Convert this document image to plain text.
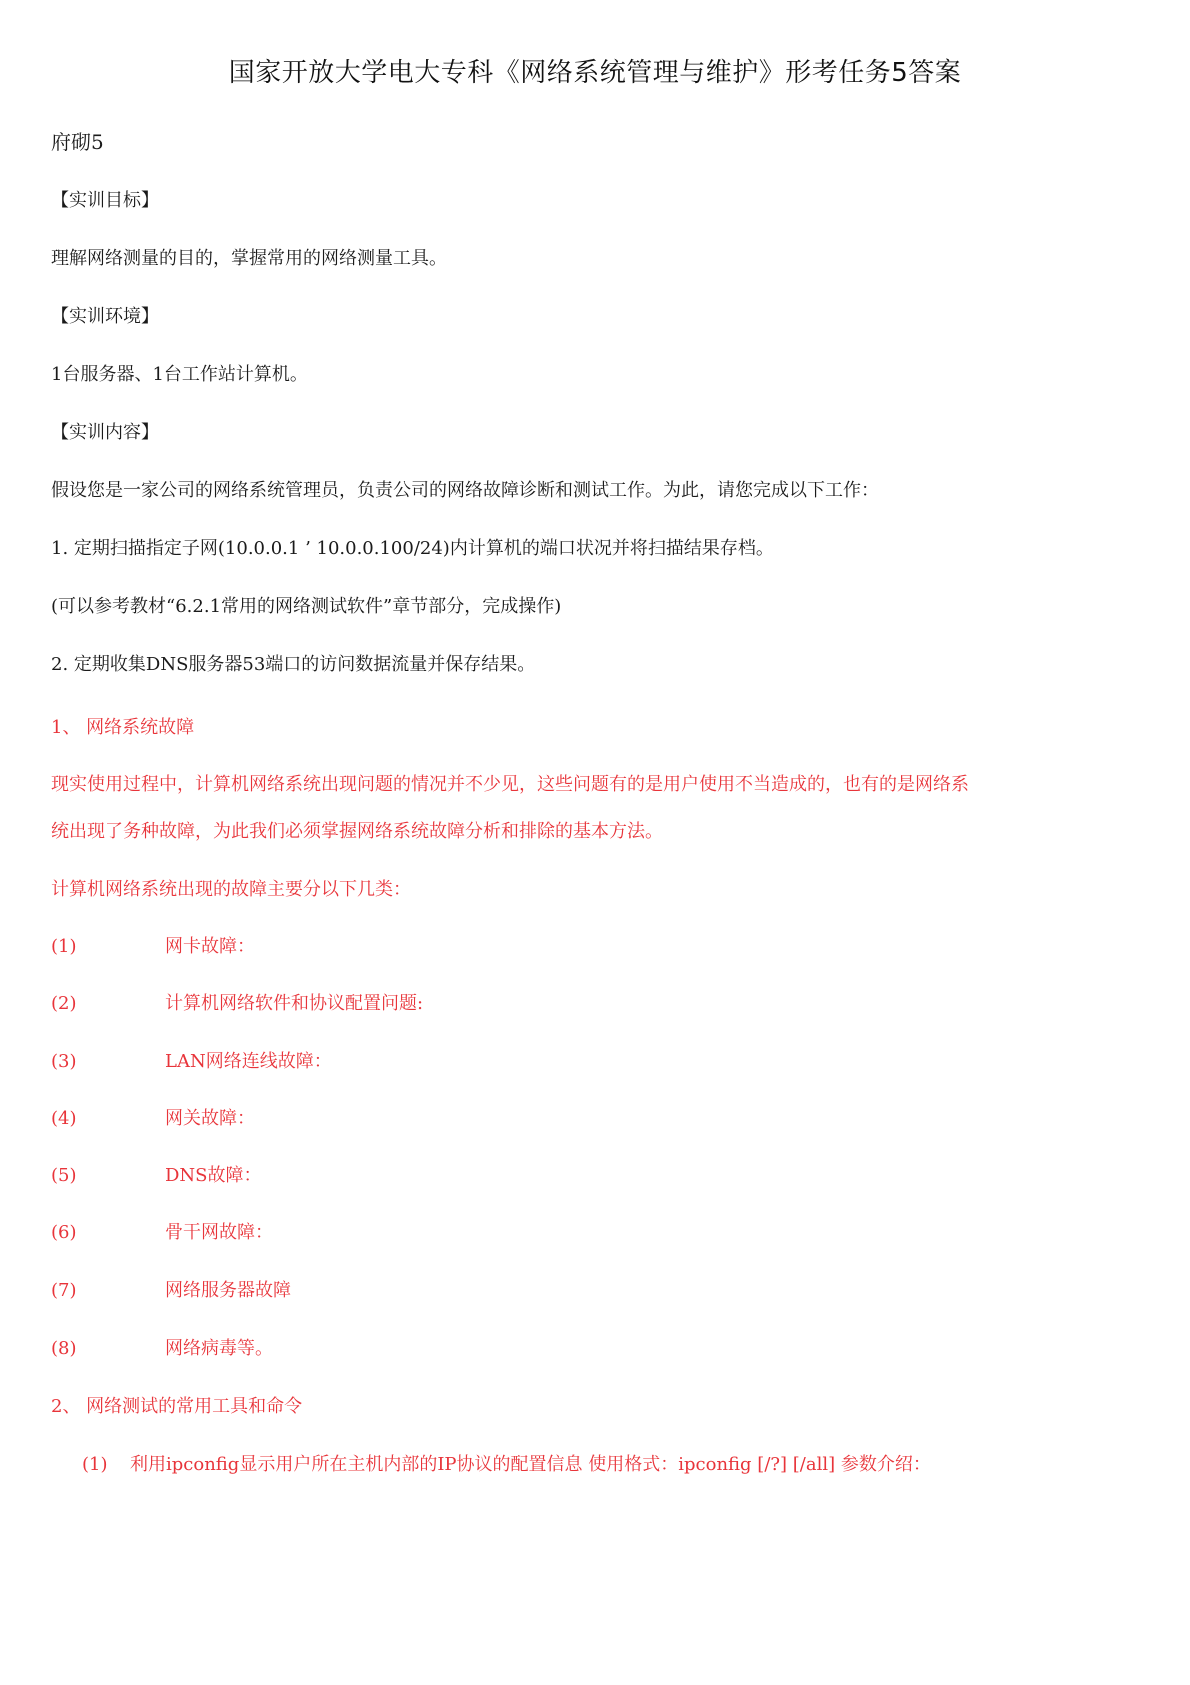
国家开放大学电大专科《网络系统管理与维护》形考任务5答案
府砌5
【实训目标】
理解网络测量的目的，掌握常用的网络测量工具。
【实训环境】
1台服务器、1台工作站计算机。
【实训内容】
假设您是一家公司的网络系统管理员，负责公司的网络故障诊断和测试工作。为此，请您完成以下工作：
1. 定期扫描指定子网(10.0.0.1 ’ 10.0.0.100/24)内计算机的端口状况并将扫描结果存档。
(可以参考教材“6.2.1常用的网络测试软件”章节部分，完成操作)
2. 定期收集DNS服务器53端口的访问数据流量并保存结果。
1、 网络系统故障
现实使用过程中，计算机网络系统出现问题的情况并不少见，这些问题有的是用户使用不当造成的，也有的是网络系
统出现了务种故障，为此我们必须掌握网络系统故障分析和排除的基本方法。
计算机网络系统出现的故障主要分以下几类：
(1)	网卡故障：
(2)	计算机网络软件和协议配置问题:
(3)	LAN网络连线故障：
(4)	网关故障：
(5)	DNS故障：
(6)	骨干网故障：
(7)	网络服务器故障
(8)	网络病毒等。
2、 网络测试的常用工具和命令
(1) 利用ipconfig显示用户所在主机内部的IP协议的配置信息 使用格式：ipconfig [/?] [/all] 参数介绍：
